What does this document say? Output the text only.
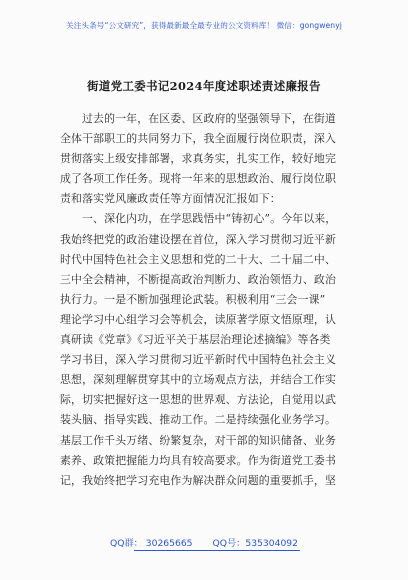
关注头条号“公文研究”，获得最新最全最专业的公文资料库！ 微信：gongwenyj
街道党工委书记2024年度述职述责述廉报告
过去的一年，在区委、区政府的坚强领导下，在街道
全体干部职工的共同努力下，我全面履行岗位职责，深入
贯彻落实上级安排部署，求真务实，扎实工作，较好地完
成了各项工作任务。现将一年来的思想政治、履行岗位职
责和落实党风廉政责任等方面情况汇报如下：
一、深化内功，在学思践悟中“铸初心”。今年以来，
我始终把党的政治建设摆在首位，深入学习贯彻习近平新
时代中国特色社会主义思想和党的二十大、二十届二中、
三中全会精神，不断提高政治判断力、政治领悟力、政治
执行力。一是不断加强理论武装。积极利用“三会一课”
理论学习中心组学习会等机会，读原著学原文悟原理，认
真研读《党章》《习近平关于基层治理论述摘编》等各类
学习书目，深入学习贯彻习近平新时代中国特色社会主义
思想，深刻理解贯穿其中的立场观点方法，并结合工作实
际，切实把握好这一思想的世界观、方法论，自觉用以武
装头脑、指导实践、推动工作。二是持续强化业务学习。
基层工作千头万绪、纷繁复杂，对干部的知识储备、业务
素养、政策把握能力均具有较高要求。作为街道党工委书
记，我始终把学习充电作为解决群众问题的重要抓手，坚
QQ群： 30265665 QQ号：535304092
